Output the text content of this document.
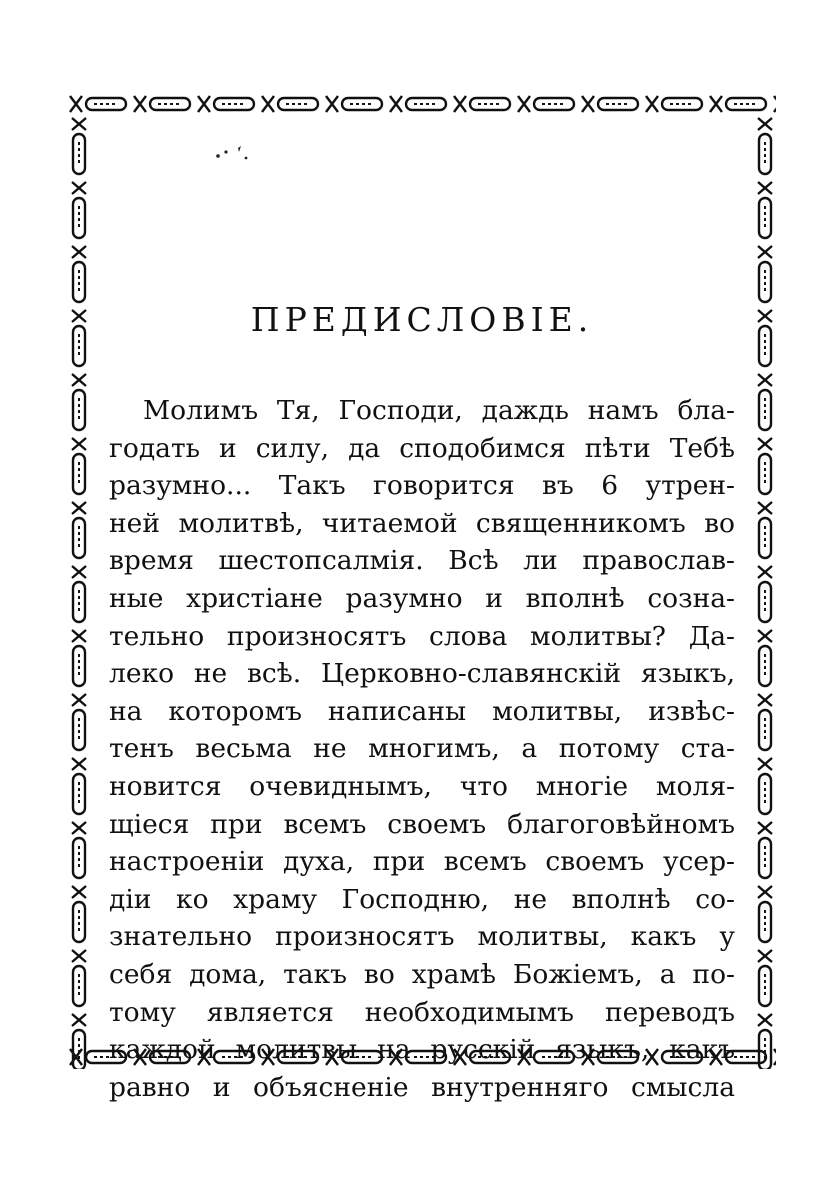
ПРЕДИСЛОВІЕ.
Молимъ Тя, Господи, даждь намъ бла-
годать и силу, да сподобимся пѣти Тебѣ
разумно... Такъ говорится въ 6 утрен-
ней молитвѣ, читаемой священникомъ во
время шестопсалмія. Всѣ ли православ-
ные христіане разумно и вполнѣ созна-
тельно произносятъ слова молитвы? Да-
леко не всѣ. Церковно-славянскій языкъ,
на которомъ написаны молитвы, извѣс-
тенъ весьма не многимъ, а потому ста-
новится очевиднымъ, что многіе моля-
щіеся при всемъ своемъ благоговѣйномъ
настроеніи духа, при всемъ своемъ усер-
діи ко храму Господню, не вполнѣ со-
знательно произносятъ молитвы, какъ у
себя дома, такъ во храмѣ Божіемъ, а по-
тому является необходимымъ переводъ
каждой молитвы на русскій языкъ, какъ
равно и объясненіе внутренняго смысла
